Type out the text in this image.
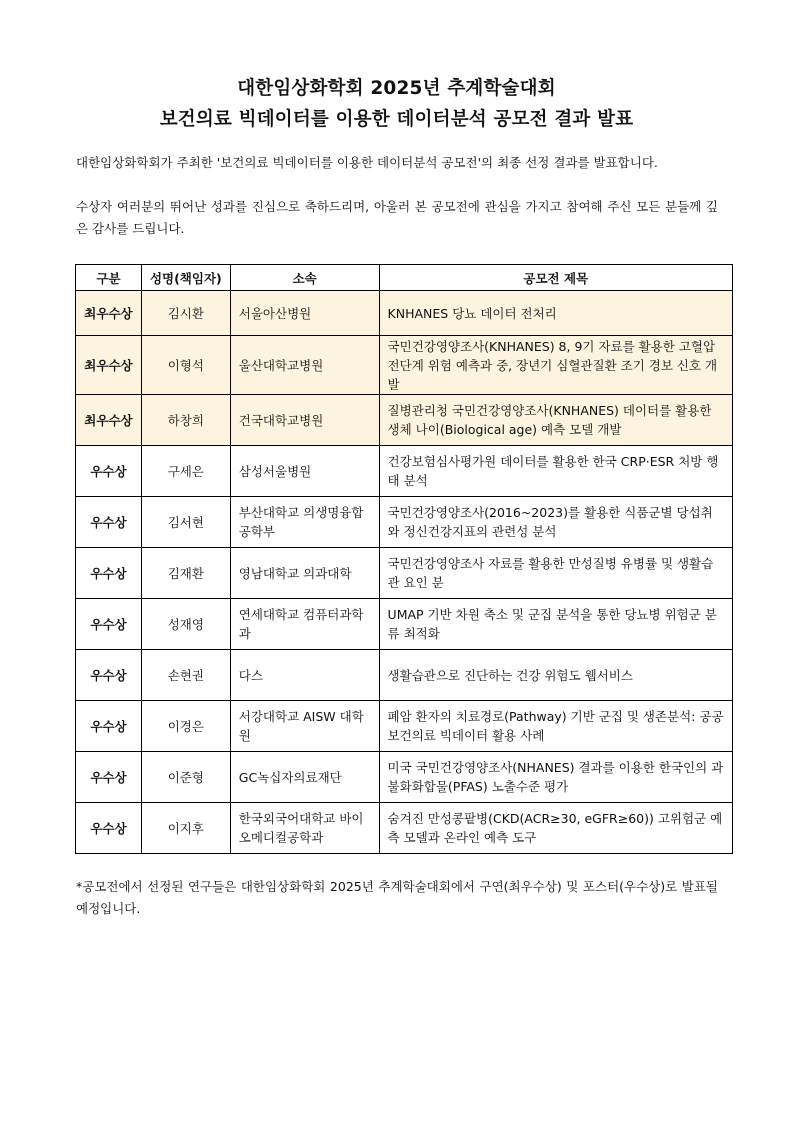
대한임상화학회 2025년 추계학술대회
보건의료 빅데이터를 이용한 데이터분석 공모전 결과 발표

대한임상화학회가 주최한 '보건의료 빅데이터를 이용한 데이터분석 공모전'의 최종 선정 결과를 발표합니다.

수상자 여러분의 뛰어난 성과를 진심으로 축하드리며, 아울러 본 공모전에 관심을 가지고 참여해 주신 모든 분들께 깊은 감사를 드립니다.

구분	성명(책임자)	소속	공모전 제목
최우수상	김시환	서울아산병원	KNHANES 당뇨 데이터 전처리
최우수상	이형석	울산대학교병원	국민건강영양조사(KNHANES) 8, 9기 자료를 활용한 고혈압 전단계 위험 예측과 중, 장년기 심혈관질환 조기 경보 신호 개발
최우수상	하창희	건국대학교병원	질병관리청 국민건강영양조사(KNHANES) 데이터를 활용한 생체 나이(Biological age) 예측 모델 개발
우수상	구세은	삼성서울병원	건강보험심사평가원 데이터를 활용한 한국 CRP·ESR 처방 행태 분석
우수상	김서현	부산대학교 의생명융합공학부	국민건강영양조사(2016~2023)를 활용한 식품군별 당섭취와 정신건강지표의 관련성 분석
우수상	김재환	영남대학교 의과대학	국민건강영양조사 자료를 활용한 만성질병 유병률 및 생활습관 요인 분
우수상	성재영	연세대학교 컴퓨터과학과	UMAP 기반 차원 축소 및 군집 분석을 통한 당뇨병 위험군 분류 최적화
우수상	손현권	다스	생활습관으로 진단하는 건강 위험도 웹서비스
우수상	이경은	서강대학교 AISW 대학원	폐암 환자의 치료경로(Pathway) 기반 군집 및 생존분석: 공공 보건의료 빅데이터 활용 사례
우수상	이준형	GC녹십자의료재단	미국 국민건강영양조사(NHANES) 결과를 이용한 한국인의 과불화화합물(PFAS) 노출수준 평가
우수상	이지후	한국외국어대학교 바이오메디컬공학과	숨겨진 만성콩팥병(CKD(ACR≥30, eGFR≥60)) 고위험군 예측 모델과 온라인 예측 도구

*공모전에서 선정된 연구들은 대한임상화학회 2025년 추계학술대회에서 구연(최우수상) 및 포스터(우수상)로 발표될 예정입니다.
